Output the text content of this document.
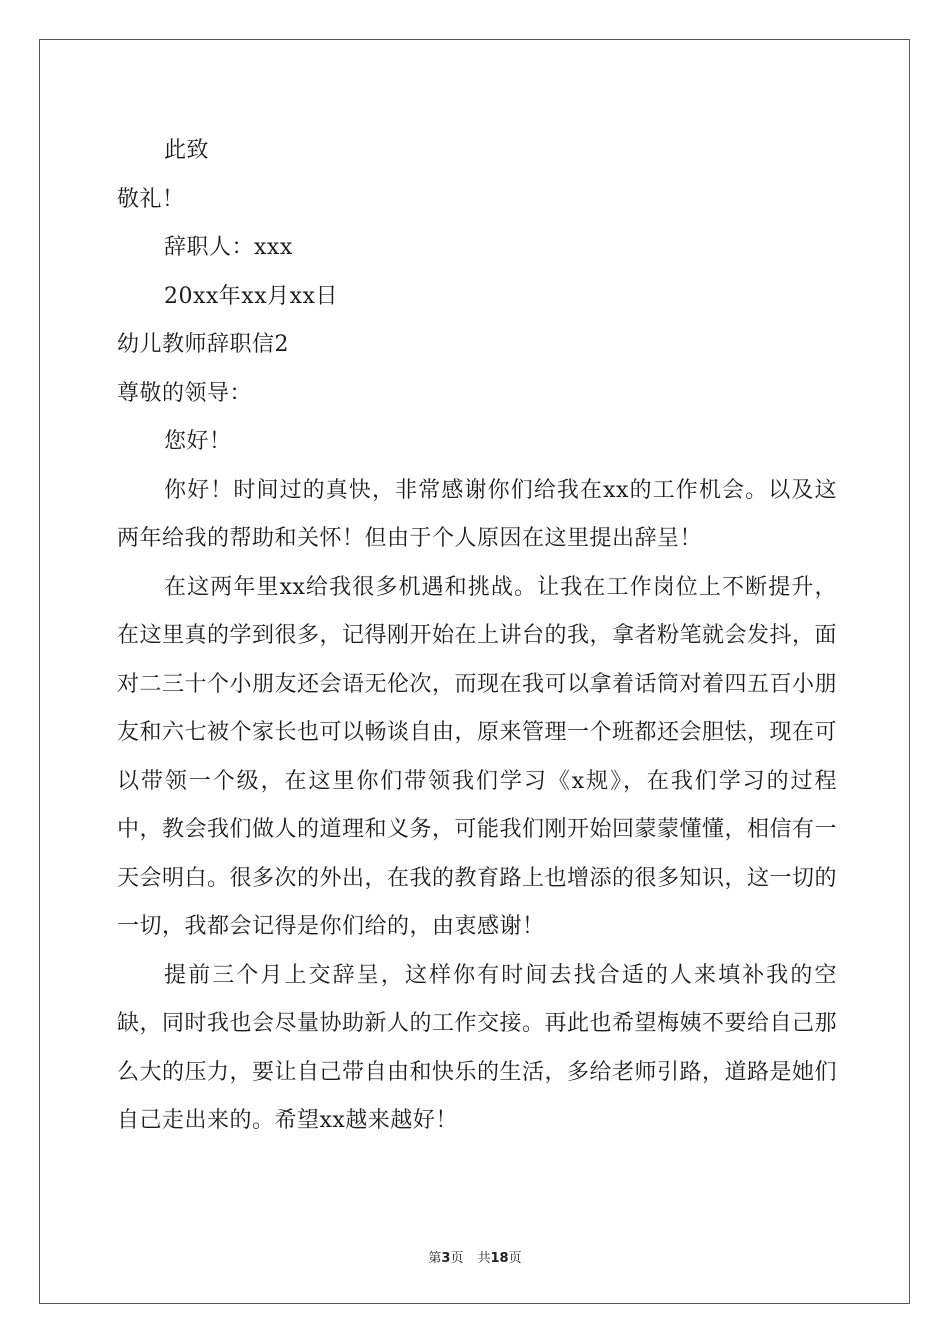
此致
敬礼！
辞职人：xxx
20xx年xx月xx日
幼儿教师辞职信2
尊敬的领导：
您好！

你好！时间过的真快，非常感谢你们给我在xx的工作机会。以及这两年给我的帮助和关怀！但由于个人原因在这里提出辞呈！

在这两年里xx给我很多机遇和挑战。让我在工作岗位上不断提升，在这里真的学到很多，记得刚开始在上讲台的我，拿者粉笔就会发抖，面对二三十个小朋友还会语无伦次，而现在我可以拿着话筒对着四五百小朋友和六七被个家长也可以畅谈自由，原来管理一个班都还会胆怯，现在可以带领一个级，在这里你们带领我们学习《x规》，在我们学习的过程中，教会我们做人的道理和义务，可能我们刚开始回蒙蒙懂懂，相信有一天会明白。很多次的外出，在我的教育路上也增添的很多知识，这一切的一切，我都会记得是你们给的，由衷感谢！

提前三个月上交辞呈，这样你有时间去找合适的人来填补我的空缺，同时我也会尽量协助新人的工作交接。再此也希望梅姨不要给自己那么大的压力，要让自己带自由和快乐的生活，多给老师引路，道路是她们自己走出来的。希望xx越来越好！

第3页 共18页
